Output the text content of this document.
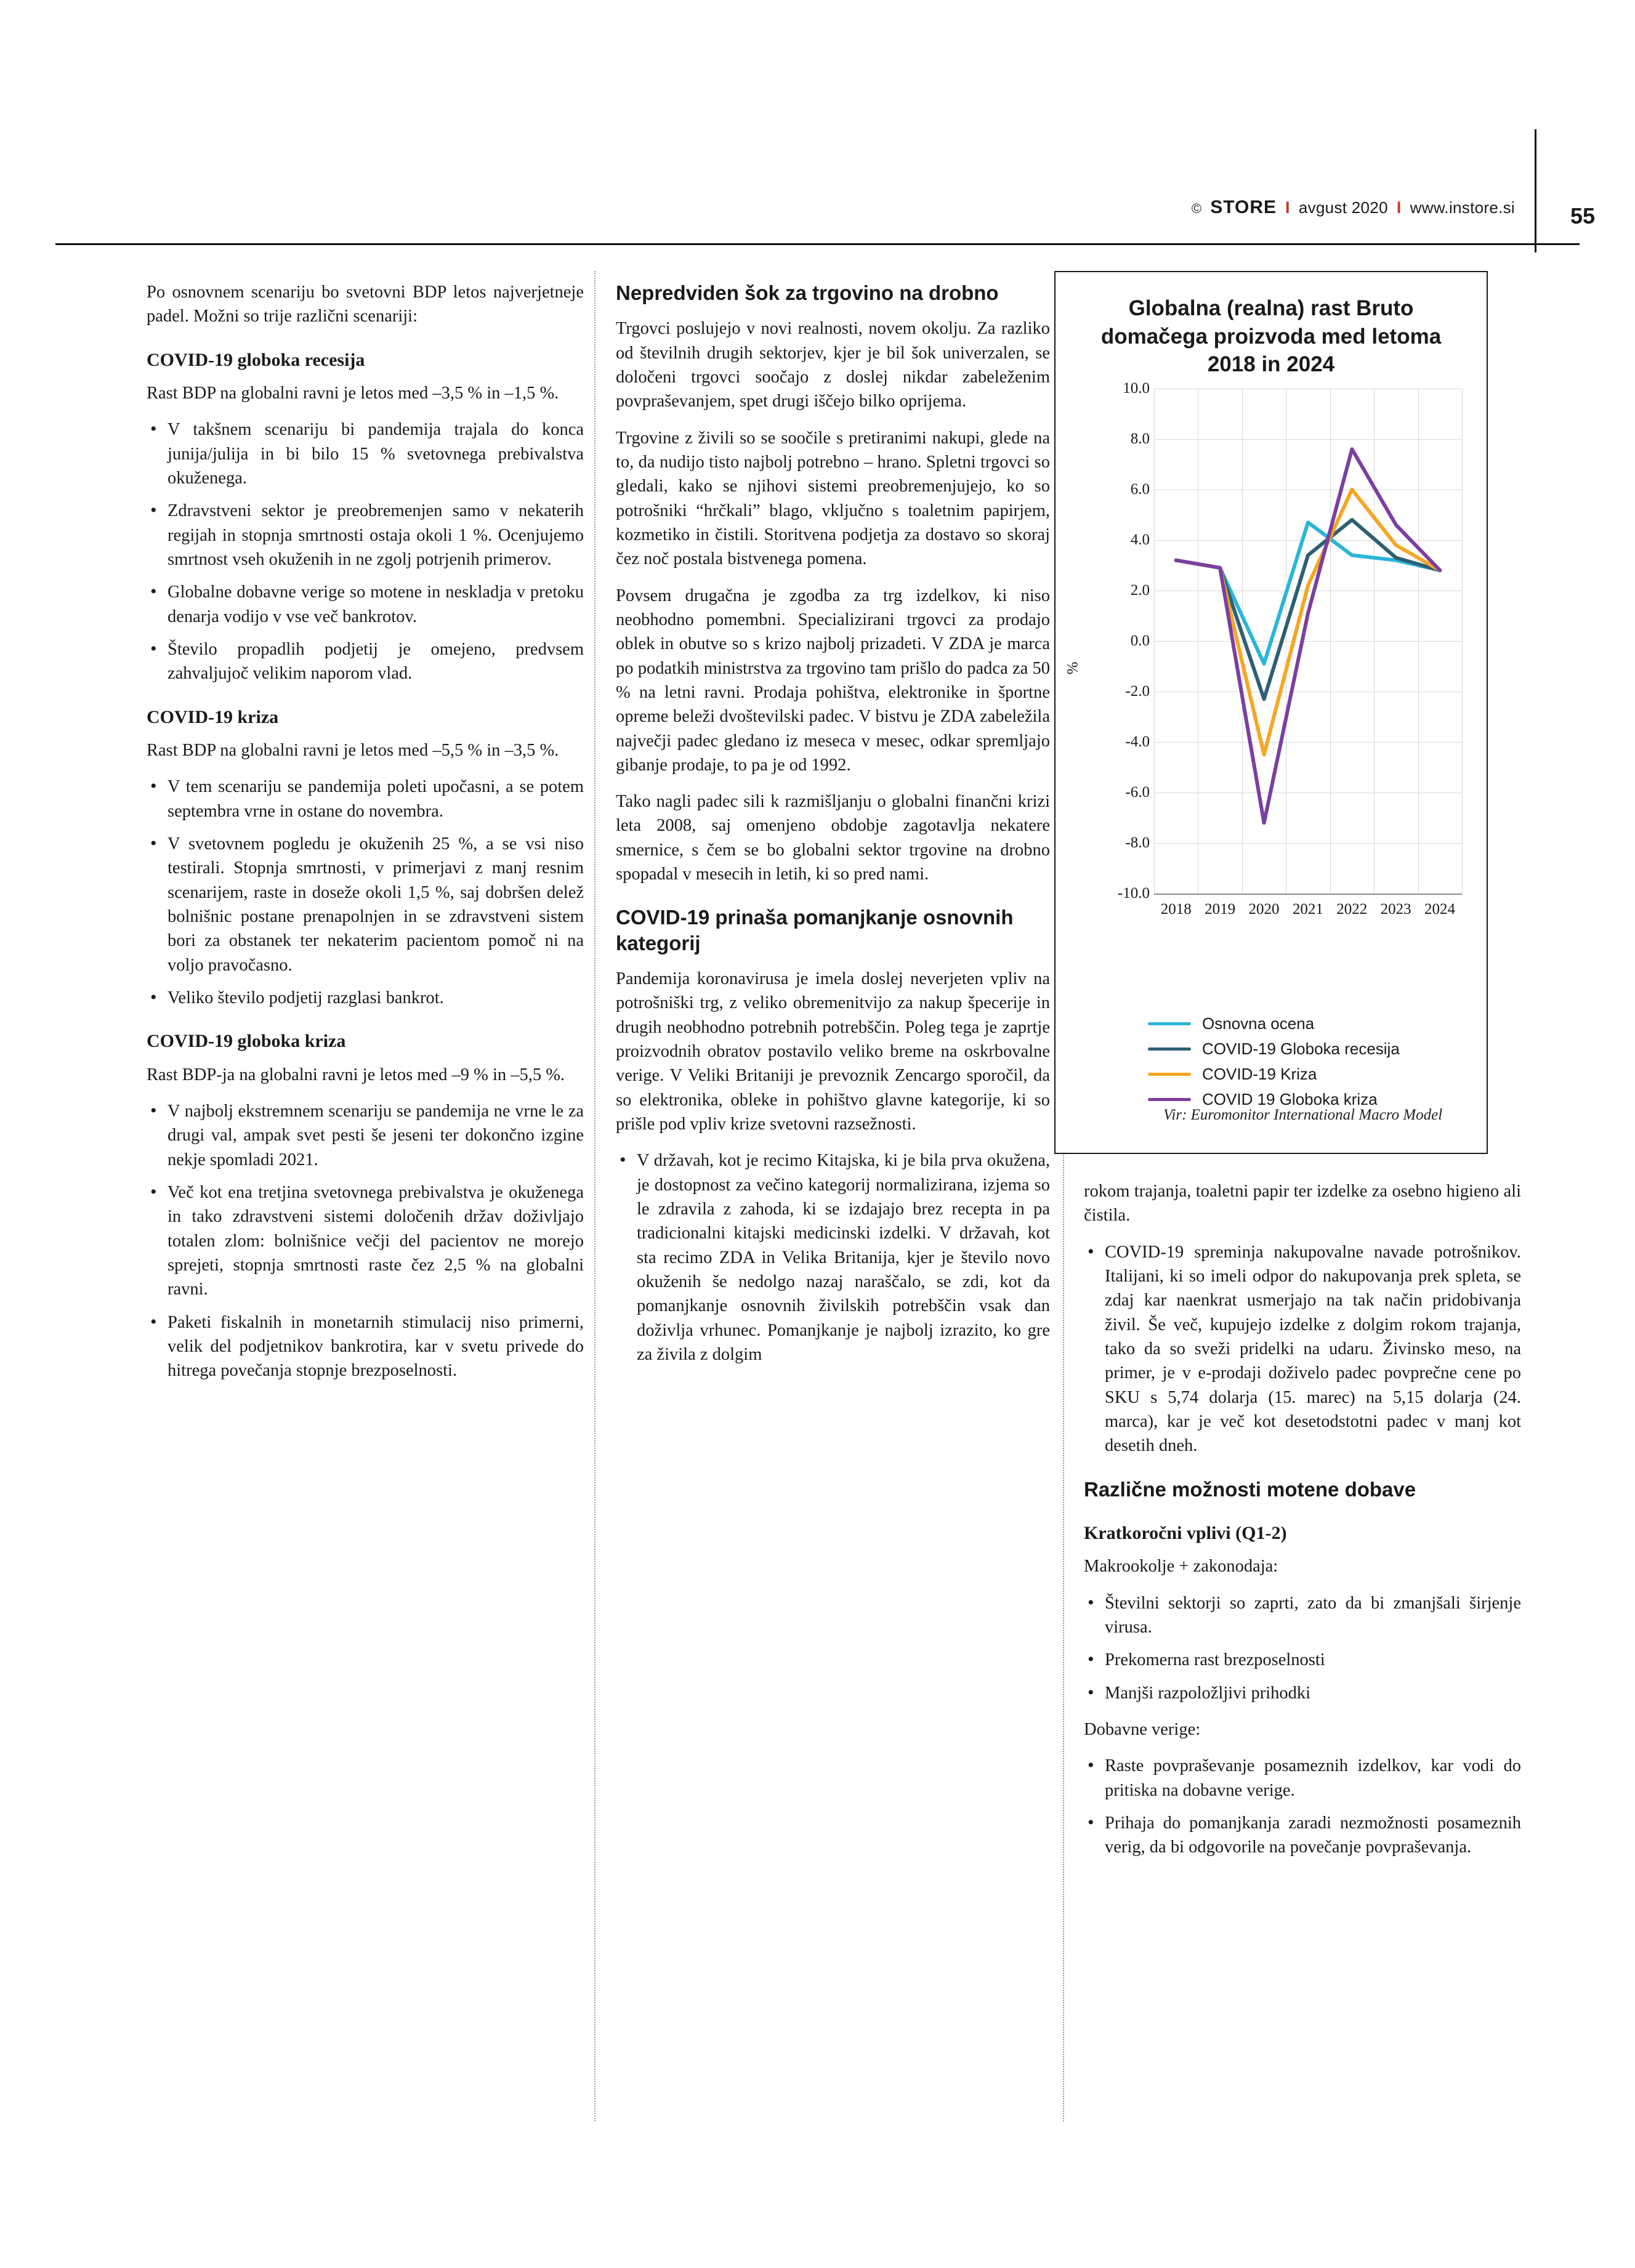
© STORE I avgust 2020 I www.instore.si 55

Po osnovnem scenariju bo svetovni BDP letos najverjetneje padel. Možni so trije različni scenariji:

COVID-19 globoka recesija

Rast BDP na globalni ravni je letos med –3,5 % in –1,5 %.

• V takšnem scenariju bi pandemija trajala do konca junija/julija in bi bilo 15 % svetovnega prebivalstva okuženega.
• Zdravstveni sektor je preobremenjen samo v nekaterih regijah in stopnja smrtnosti ostaja okoli 1 %. Ocenjujemo smrtnost vseh okuženih in ne zgolj potrjenih primerov.
• Globalne dobavne verige so motene in neskladja v pretoku denarja vodijo v vse več bankrotov.
• Število propadlih podjetij je omejeno, predvsem zahvaljujoč velikim naporom vlad.
COVID-19 kriza

Rast BDP na globalni ravni je letos med –5,5 % in –3,5 %.

• V tem scenariju se pandemija poleti upočasni, a se potem septembra vrne in ostane do novembra.
• V svetovnem pogledu je okuženih 25 %, a se vsi niso testirali. Stopnja smrtnosti, v primerjavi z manj resnim scenarijem, raste in doseže okoli 1,5 %, saj dobršen delež bolnišnic postane prenapolnjen in se zdravstveni sistem bori za obstanek ter nekaterim pacientom pomoč ni na voljo pravočasno.
• Veliko število podjetij razglasi bankrot.
COVID-19 globoka kriza

Rast BDP-ja na globalni ravni je letos med –9 % in –5,5 %.

• V najbolj ekstremnem scenariju se pandemija ne vrne le za drugi val, ampak svet pesti še jeseni ter dokončno izgine nekje spomladi 2021.
• Več kot ena tretjina svetovnega prebivalstva je okuženega in tako zdravstveni sistemi določenih držav doživljajo totalen zlom: bolnišnice večji del pacientov ne morejo sprejeti, stopnja smrtnosti raste čez 2,5 % na globalni ravni.
• Paketi fiskalnih in monetarnih stimulacij niso primerni, velik del podjetnikov bankrotira, kar v svetu privede do hitrega povečanja stopnje brezposelnosti.
Nepredviden šok za trgovino na drobno

Trgovci poslujejo v novi realnosti, novem okolju. Za razliko od številnih drugih sektorjev, kjer je bil šok univerzalen, se določeni trgovci soočajo z doslej nikdar zabeleženim povpraševanjem, spet drugi iščejo bilko oprijema.

Trgovine z živili so se soočile s pretiranimi nakupi, glede na to, da nudijo tisto najbolj potrebno – hrano. Spletni trgovci so gledali, kako se njihovi sistemi preobremenjujejo, ko so potrošniki “hrčkali” blago, vključno s toaletnim papirjem, kozmetiko in čistili. Storitvena podjetja za dostavo so skoraj čez noč postala bistvenega pomena.

Povsem drugačna je zgodba za trg izdelkov, ki niso neobhodno pomembni. Specializirani trgovci za prodajo oblek in obutve so s krizo najbolj prizadeti. V ZDA je marca po podatkih ministrstva za trgovino tam prišlo do padca za 50 % na letni ravni. Prodaja pohištva, elektronike in športne opreme beleži dvoštevilski padec. V bistvu je ZDA zabeležila največji padec gledano iz meseca v mesec, odkar spremljajo gibanje prodaje, to pa je od 1992.

Tako nagli padec sili k razmišljanju o globalni finančni krizi leta 2008, saj omenjeno obdobje zagotavlja nekatere smernice, s čem se bo globalni sektor trgovine na drobno spopadal v mesecih in letih, ki so pred nami.

COVID-19 prinaša pomanjkanje osnovnih kategorij

Pandemija koronavirusa je imela doslej neverjeten vpliv na potrošniški trg, z veliko obremenitvijo za nakup špecerije in drugih neobhodno potrebnih potrebščin. Poleg tega je zaprtje proizvodnih obratov postavilo veliko breme na oskrbovalne verige. V Veliki Britaniji je prevoznik Zencargo sporočil, da so elektronika, obleke in pohištvo glavne kategorije, ki so prišle pod vpliv krize svetovni razsežnosti.

• V državah, kot je recimo Kitajska, ki je bila prva okužena, je dostopnost za večino kategorij normalizirana, izjema so le zdravila z zahoda, ki se izdajajo brez recepta in pa tradicionalni kitajski medicinski izdelki. V državah, kot sta recimo ZDA in Velika Britanija, kjer je število novo okuženih še nedolgo nazaj naraščalo, se zdi, kot da pomanjkanje osnovnih živilskih potrebščin vsak dan doživlja vrhunec. Pomanjkanje je najbolj izrazito, ko gre za živila z dolgim
Globalna (realna) rast Bruto domačega proizvoda med letoma 2018 in 2024
%
10.0
8.0
6.0
4.0
2.0
0.0
-2.0
-4.0
-6.0
-8.0
-10.0
2018 2019 2020 2021 2022 2023 2024
Osnovna ocena
COVID-19 Globoka recesija
COVID-19 Kriza
COVID 19 Globoka kriza
Vir: Euromonitor International Macro Model

rokom trajanja, toaletni papir ter izdelke za osebno higieno ali čistila.

• COVID-19 spreminja nakupovalne navade potrošnikov. Italijani, ki so imeli odpor do nakupovanja prek spleta, se zdaj kar naenkrat usmerjajo na tak način pridobivanja živil. Še več, kupujejo izdelke z dolgim rokom trajanja, tako da so sveži pridelki na udaru. Živinsko meso, na primer, je v e-prodaji doživelo padec povprečne cene po SKU s 5,74 dolarja (15. marec) na 5,15 dolarja (24. marca), kar je več kot desetodstotni padec v manj kot desetih dneh.
Različne možnosti motene dobave
Kratkoročni vplivi (Q1-2)

Makrookolje + zakonodaja:

• Številni sektorji so zaprti, zato da bi zmanjšali širjenje virusa.
• Prekomerna rast brezposelnosti
• Manjši razpoložljivi prihodki

Dobavne verige:

• Raste povpraševanje posameznih izdelkov, kar vodi do pritiska na dobavne verige.
• Prihaja do pomanjkanja zaradi nezmožnosti posameznih verig, da bi odgovorile na povečanje povpraševanja.
